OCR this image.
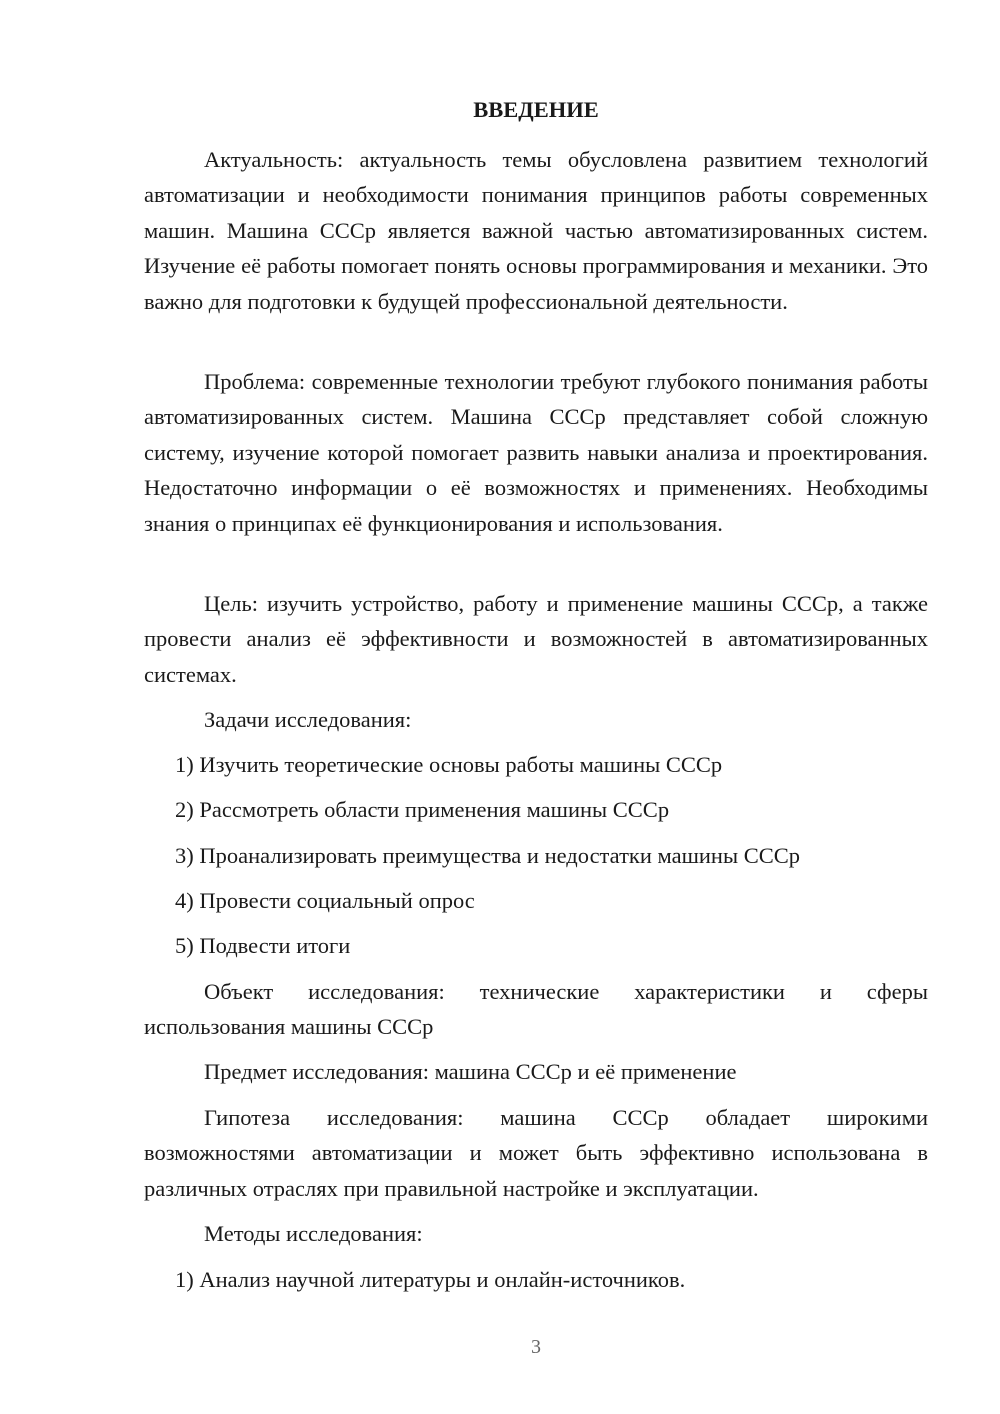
ВВЕДЕНИЕ

Актуальность: актуальность темы обусловлена развитием технологий автоматизации и необходимости понимания принципов работы современных машин. Машина СССр является важной частью автоматизированных систем. Изучение её работы помогает понять основы программирования и механики. Это важно для подготовки к будущей профессиональной деятельности.

Проблема: современные технологии требуют глубокого понимания работы автоматизированных систем. Машина СССр представляет собой сложную систему, изучение которой помогает развить навыки анализа и проектирования. Недостаточно информации о её возможностях и применениях. Необходимы знания о принципах её функционирования и использования.

Цель: изучить устройство, работу и применение машины СССр, а также провести анализ её эффективности и возможностей в автоматизированных системах.

Задачи исследования:

1) Изучить теоретические основы работы машины СССр

2) Рассмотреть области применения машины СССр

3) Проанализировать преимущества и недостатки машины СССр

4) Провести социальный опрос

5) Подвести итоги

Объект исследования: технические характеристики и сферы использования машины СССр

Предмет исследования: машина СССр и её применение

Гипотеза исследования: машина СССр обладает широкими возможностями автоматизации и может быть эффективно использована в различных отраслях при правильной настройке и эксплуатации.

Методы исследования:

1) Анализ научной литературы и онлайн-источников.

3
